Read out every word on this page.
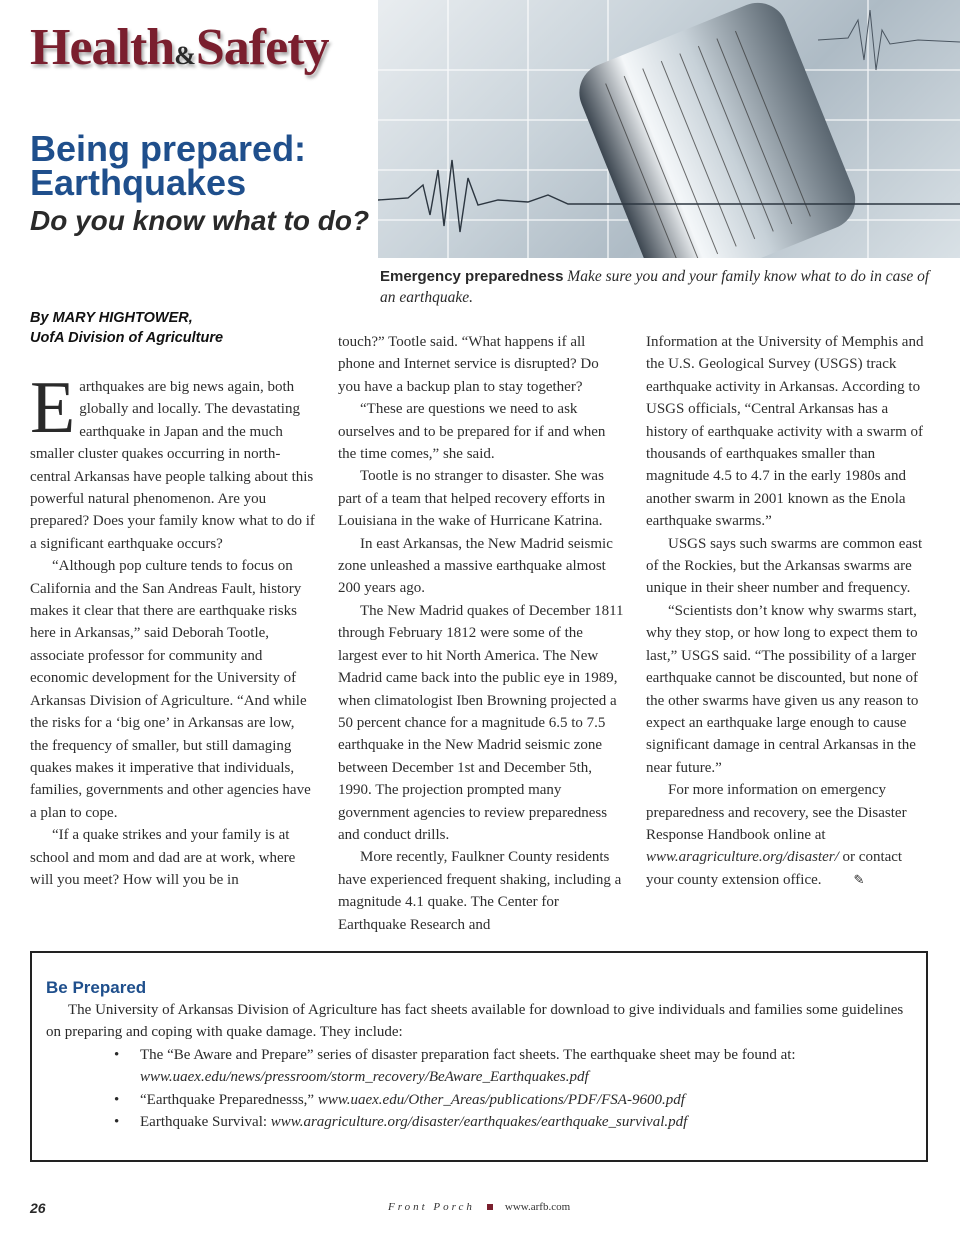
Health&Safety
Being prepared: Earthquakes
Do you know what to do?
Emergency preparedness Make sure you and your family know what to do in case of an earthquake.
By MARY HIGHTOWER,
UofA Division of Agriculture

Earthquakes are big news again, both globally and locally. The devastating earthquake in Japan and the much smaller cluster quakes occurring in north-central Arkansas have people talking about this powerful natural phenomenon. Are you prepared? Does your family know what to do if a significant earthquake occurs?

“Although pop culture tends to focus on California and the San Andreas Fault, history makes it clear that there are earthquake risks here in Arkansas,” said Deborah Tootle, associate professor for community and economic development for the University of Arkansas Division of Agriculture. “And while the risks for a ‘big one’ in Arkansas are low, the frequency of smaller, but still damaging quakes makes it imperative that individuals, families, governments and other agencies have a plan to cope.

“If a quake strikes and your family is at school and mom and dad are at work, where will you meet? How will you be in

touch?” Tootle said. “What happens if all phone and Internet service is disrupted? Do you have a backup plan to stay together?

“These are questions we need to ask ourselves and to be prepared for if and when the time comes,” she said.

Tootle is no stranger to disaster. She was part of a team that helped recovery efforts in Louisiana in the wake of Hurricane Katrina.

In east Arkansas, the New Madrid seismic zone unleashed a massive earthquake almost 200 years ago.

The New Madrid quakes of December 1811 through February 1812 were some of the largest ever to hit North America. The New Madrid came back into the public eye in 1989, when climatologist Iben Browning projected a 50 percent chance for a magnitude 6.5 to 7.5 earthquake in the New Madrid seismic zone between December 1st and December 5th, 1990. The projection prompted many government agencies to review preparedness and conduct drills.

More recently, Faulkner County residents have experienced frequent shaking, including a magnitude 4.1 quake. The Center for Earthquake Research and

Information at the University of Memphis and the U.S. Geological Survey (USGS) track earthquake activity in Arkansas. According to USGS officials, “Central Arkansas has a history of earthquake activity with a swarm of thousands of earthquakes smaller than magnitude 4.5 to 4.7 in the early 1980s and another swarm in 2001 known as the Enola earthquake swarms.”

USGS says such swarms are common east of the Rockies, but the Arkansas swarms are unique in their sheer number and frequency.

“Scientists don’t know why swarms start, why they stop, or how long to expect them to last,” USGS said. “The possibility of a larger earthquake cannot be discounted, but none of the other swarms have given us any reason to expect an earthquake large enough to cause significant damage in central Arkansas in the near future.”

For more information on emergency preparedness and recovery, see the Disaster Response Handbook online at www.aragriculture.org/disaster/ or contact your county extension office. ✎

Be Prepared

The University of Arkansas Division of Agriculture has fact sheets available for download to give individuals and families some guidelines on preparing and coping with quake damage. They include:

• The “Be Aware and Prepare” series of disaster preparation fact sheets. The earthquake sheet may be found at: www.uaex.edu/news/pressroom/storm_recovery/BeAware_Earthquakes.pdf
• “Earthquake Preparednesss,” www.uaex.edu/Other_Areas/publications/PDF/FSA-9600.pdf
• Earthquake Survival: www.aragriculture.org/disaster/earthquakes/earthquake_survival.pdf
26	Front Porch	www.arfb.com
